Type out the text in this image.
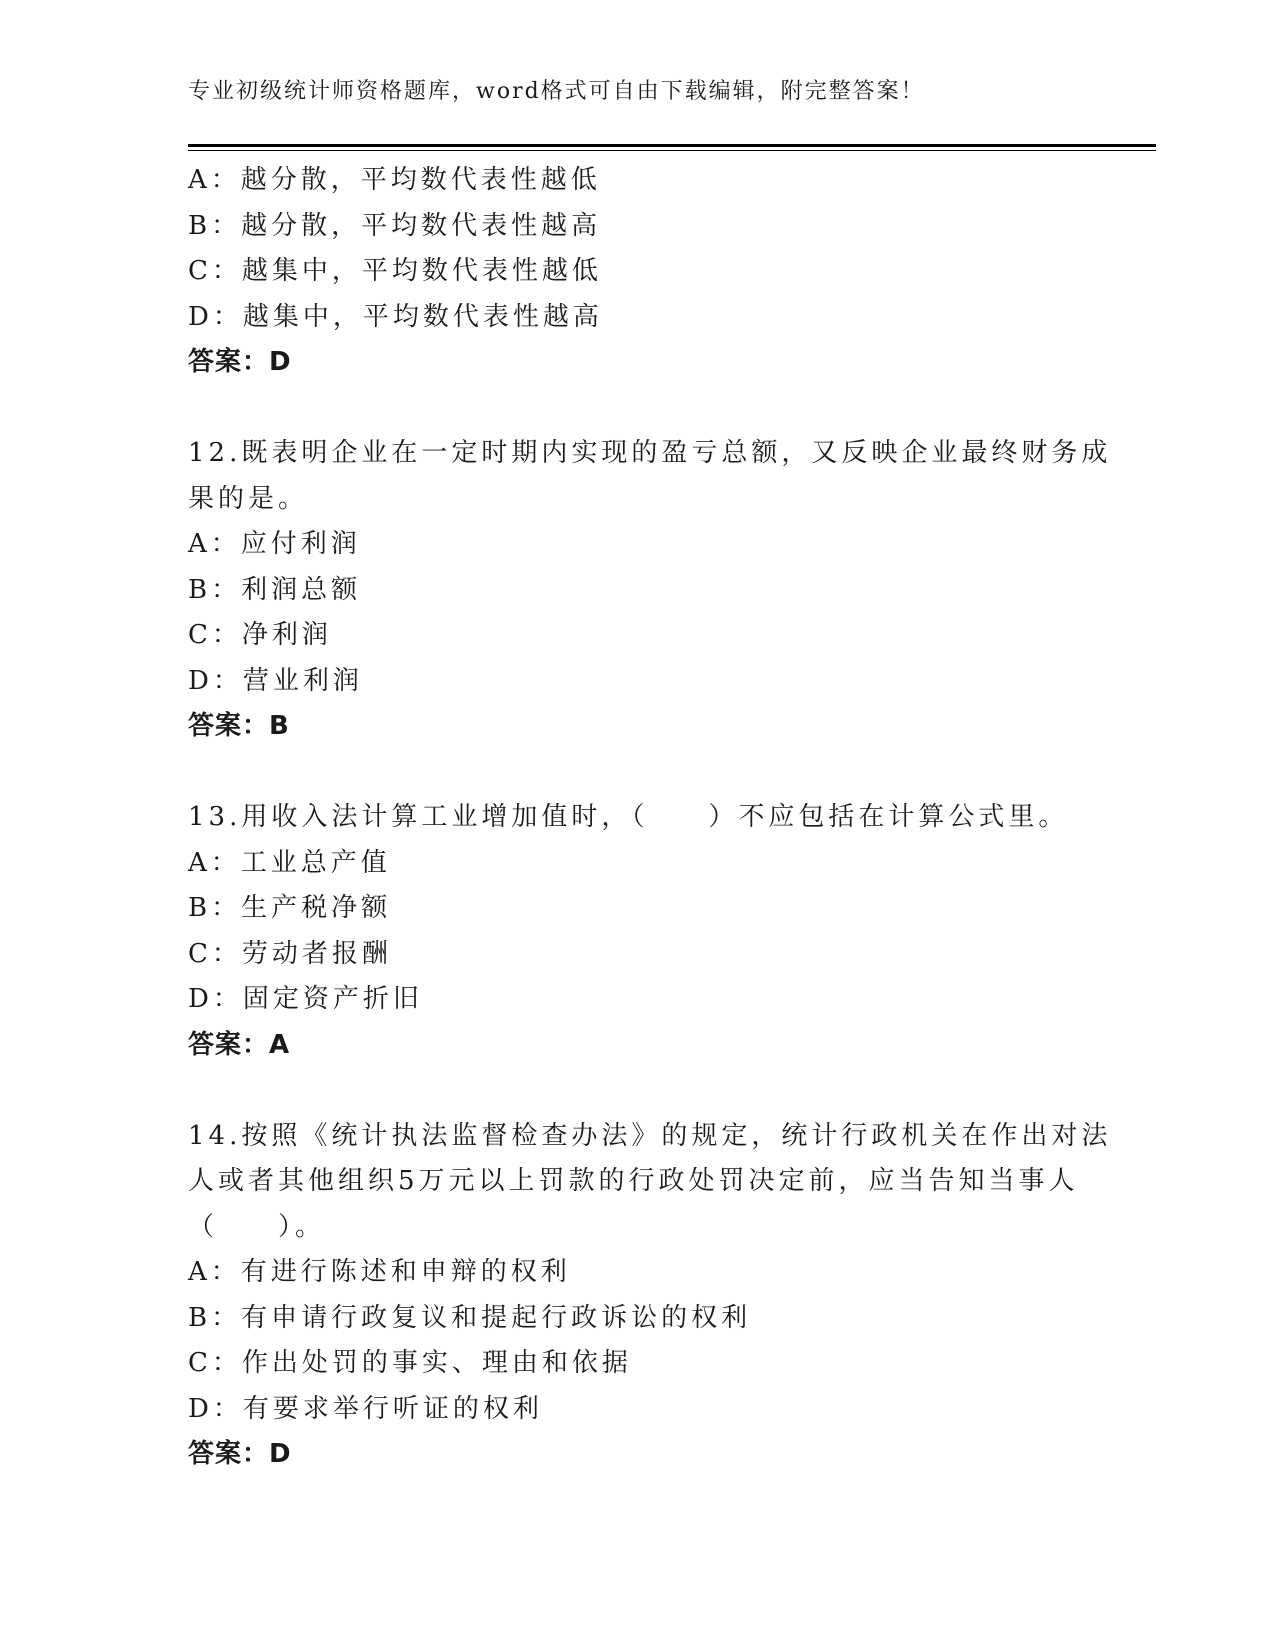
专业初级统计师资格题库，word格式可自由下载编辑，附完整答案！
A：越分散，平均数代表性越低
B：越分散，平均数代表性越高
C：越集中，平均数代表性越低
D：越集中，平均数代表性越高
答案：D
12.既表明企业在一定时期内实现的盈亏总额，又反映企业最终财务成
果的是。
A：应付利润
B：利润总额
C：净利润
D：营业利润
答案：B
13.用收入法计算工业增加值时，（　　）不应包括在计算公式里。
A：工业总产值
B：生产税净额
C：劳动者报酬
D：固定资产折旧
答案：A
14.按照《统计执法监督检查办法》的规定，统计行政机关在作出对法
人或者其他组织5万元以上罚款的行政处罚决定前，应当告知当事人
（　　）。
A：有进行陈述和申辩的权利
B：有申请行政复议和提起行政诉讼的权利
C：作出处罚的事实、理由和依据
D：有要求举行听证的权利
答案：D
